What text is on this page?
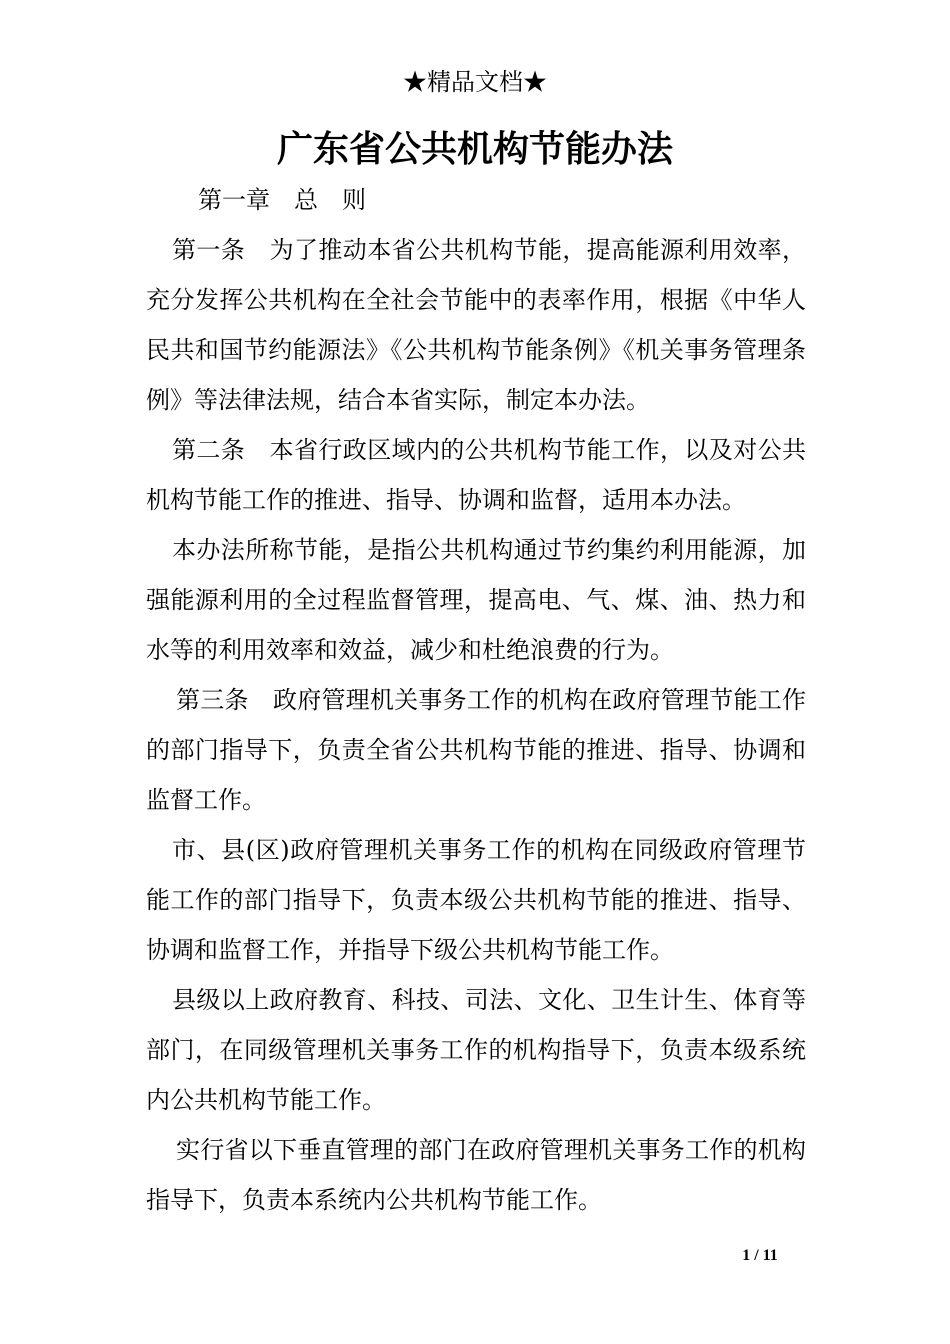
★精品文档★
广东省公共机构节能办法
第一章　总　则

第一条　为了推动本省公共机构节能，提高能源利用效率，充分发挥公共机构在全社会节能中的表率作用，根据《中华人民共和国节约能源法》《公共机构节能条例》《机关事务管理条例》等法律法规，结合本省实际，制定本办法。

第二条　本省行政区域内的公共机构节能工作，以及对公共机构节能工作的推进、指导、协调和监督，适用本办法。

本办法所称节能，是指公共机构通过节约集约利用能源，加强能源利用的全过程监督管理，提高电、气、煤、油、热力和水等的利用效率和效益，减少和杜绝浪费的行为。

第三条　政府管理机关事务工作的机构在政府管理节能工作的部门指导下，负责全省公共机构节能的推进、指导、协调和监督工作。

市、县(区)政府管理机关事务工作的机构在同级政府管理节能工作的部门指导下，负责本级公共机构节能的推进、指导、协调和监督工作，并指导下级公共机构节能工作。

县级以上政府教育、科技、司法、文化、卫生计生、体育等部门，在同级管理机关事务工作的机构指导下，负责本级系统内公共机构节能工作。

实行省以下垂直管理的部门在政府管理机关事务工作的机构指导下，负责本系统内公共机构节能工作。

1 / 11
